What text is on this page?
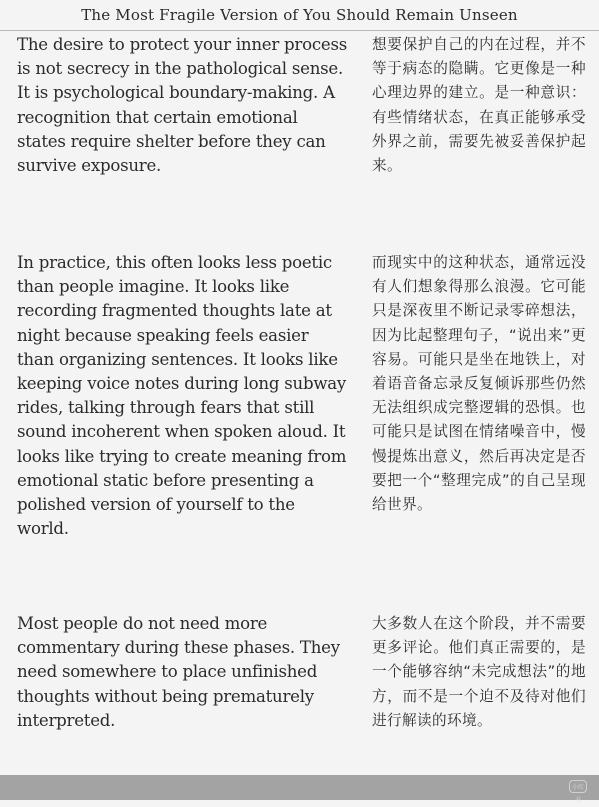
The Most Fragile Version of You Should Remain Unseen
The desire to protect your inner process is not secrecy in the pathological sense. It is psychological boundary-making. A recognition that certain emotional states require shelter before they can survive exposure.
想要保护自己的内在过程，并不等于病态的隐瞒。它更像是一种心理边界的建立。是一种意识：有些情绪状态，在真正能够承受外界之前，需要先被妥善保护起来。
In practice, this often looks less poetic than people imagine. It looks like recording fragmented thoughts late at night because speaking feels easier than organizing sentences. It looks like keeping voice notes during long subway rides, talking through fears that still sound incoherent when spoken aloud. It looks like trying to create meaning from emotional static before presenting a polished version of yourself to the world.
而现实中的这种状态，通常远没有人们想象得那么浪漫。它可能只是深夜里不断记录零碎想法，因为比起整理句子，“说出来”更容易。可能只是坐在地铁上，对着语音备忘录反复倾诉那些仍然无法组织成完整逻辑的恐惧。也可能只是试图在情绪噪音中，慢慢提炼出意义，然后再决定是否要把一个“整理完成”的自己呈现给世界。
Most people do not need more commentary during these phases. They need somewhere to place unfinished thoughts without being prematurely interpreted.
大多数人在这个阶段，并不需要更多评论。他们真正需要的，是一个能够容纳“未完成想法”的地方，而不是一个迫不及待对他们进行解读的环境。
小红书
